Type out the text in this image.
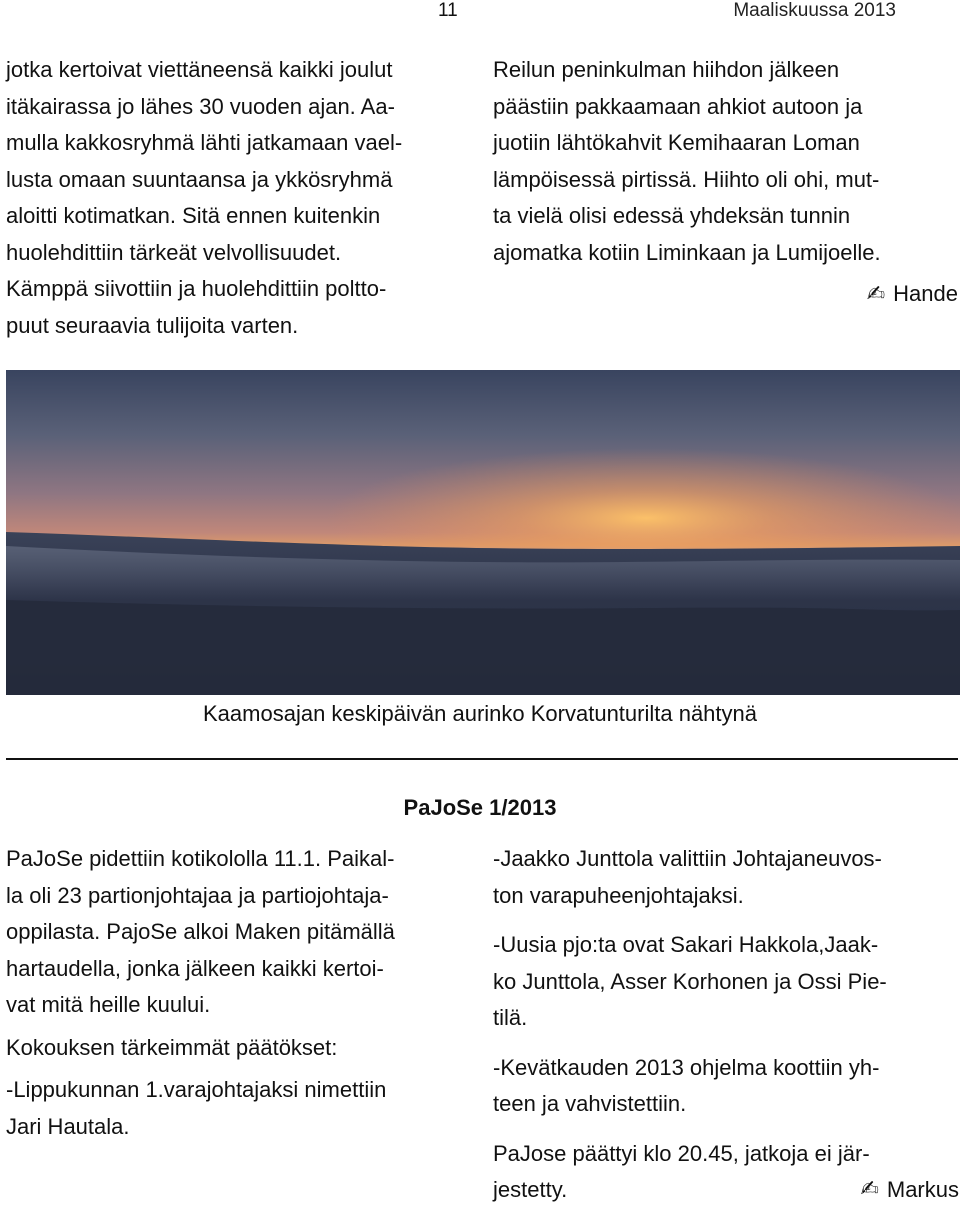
11	Maaliskuussa 2013

jotka kertoivat viettäneensä kaikki joulut

itäkairassa jo lähes 30 vuoden ajan. Aa-

mulla kakkosryhmä lähti jatkamaan vael-

lusta omaan suuntaansa ja ykkösryhmä

aloitti kotimatkan. Sitä ennen kuitenkin

huolehdittiin tärkeät velvollisuudet.

Kämppä siivottiin ja huolehdittiin poltto-

puut seuraavia tulijoita varten.

Reilun peninkulman hiihdon jälkeen

päästiin pakkaamaan ahkiot autoon ja

juotiin lähtökahvit Kemihaaran Loman

lämpöisessä pirtissä. Hiihto oli ohi, mut-

ta vielä olisi edessä yhdeksän tunnin

ajomatka kotiin Liminkaan ja Lumijoelle.

✍ Hande
Kaamosajan keskipäivän aurinko Korvatunturilta nähtynä
PaJoSe 1/2013

PaJoSe pidettiin kotikololla 11.1. Paikal-

la oli 23 partionjohtajaa ja partiojohtaja-

oppilasta. PajoSe alkoi Maken pitämällä

hartaudella, jonka jälkeen kaikki kertoi-

vat mitä heille kuului.

Kokouksen tärkeimmät päätökset:

-Lippukunnan 1.varajohtajaksi nimettiin

Jari Hautala.

-Jaakko Junttola valittiin Johtajaneuvos-

ton varapuheenjohtajaksi.

-Uusia pjo:ta ovat Sakari Hakkola,Jaak-

ko Junttola, Asser Korhonen ja Ossi Pie-

tilä.

-Kevätkauden 2013 ohjelma koottiin yh-

teen ja vahvistettiin.

PaJose päättyi klo 20.45, jatkoja ei jär-

jestetty.	✍ Markus
